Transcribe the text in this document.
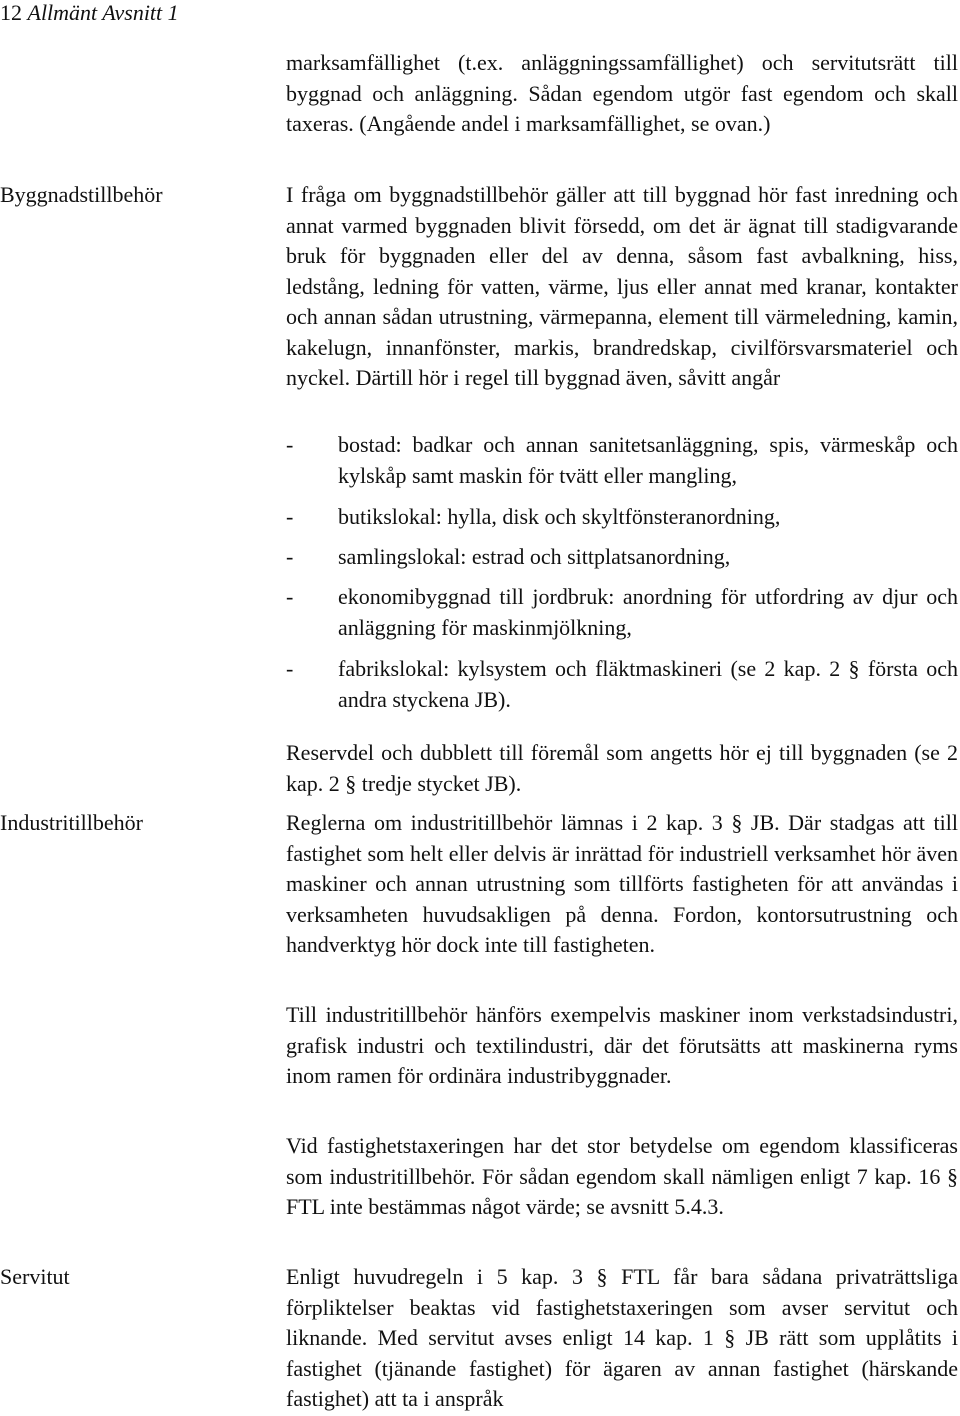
12 Allmänt Avsnitt 1
Byggnadstillbehör
Industritillbehör
Servitut

marksamfällighet (t.ex. anläggningssamfällighet) och servitutsrätt till byggnad och anläggning. Sådan egendom utgör fast egendom och skall taxeras. (Angående andel i marksamfällighet, se ovan.)

I fråga om byggnadstillbehör gäller att till byggnad hör fast inredning och annat varmed byggnaden blivit försedd, om det är ägnat till stadigvarande bruk för byggnaden eller del av denna, såsom fast avbalkning, hiss, ledstång, ledning för vatten, värme, ljus eller annat med kranar, kontakter och annan sådan utrustning, värmepanna, element till värmeledning, kamin, kakelugn, innanfönster, markis, brandredskap, civilförsvarsmateriel och nyckel. Därtill hör i regel till byggnad även, såvitt angår

- bostad: badkar och annan sanitetsanläggning, spis, värmeskåp och kylskåp samt maskin för tvätt eller mangling,

- butikslokal: hylla, disk och skyltfönsteranordning,

- samlingslokal: estrad och sittplatsanordning,

- ekonomibyggnad till jordbruk: anordning för utfordring av djur och anläggning för maskinmjölkning,

- fabrikslokal: kylsystem och fläktmaskineri (se 2 kap. 2 § första och andra styckena JB).

Reservdel och dubblett till föremål som angetts hör ej till byggnaden (se 2 kap. 2 § tredje stycket JB).

Reglerna om industritillbehör lämnas i 2 kap. 3 § JB. Där stadgas att till fastighet som helt eller delvis är inrättad för industriell verksamhet hör även maskiner och annan utrustning som tillförts fastigheten för att användas i verksamheten huvudsakligen på denna. Fordon, kontorsutrustning och handverktyg hör dock inte till fastigheten.

Till industritillbehör hänförs exempelvis maskiner inom verkstadsindustri, grafisk industri och textilindustri, där det förutsätts att maskinerna ryms inom ramen för ordinära industribyggnader.

Vid fastighetstaxeringen har det stor betydelse om egendom klassificeras som industritillbehör. För sådan egendom skall nämligen enligt 7 kap. 16 § FTL inte bestämmas något värde; se avsnitt 5.4.3.

Enligt huvudregeln i 5 kap. 3 § FTL får bara sådana privaträttsliga förpliktelser beaktas vid fastighetstaxeringen som avser servitut och liknande. Med servitut avses enligt 14 kap. 1 § JB rätt som upplåtits i fastighet (tjänande fastighet) för ägaren av annan fastighet (härskande fastighet) att ta i anspråk
